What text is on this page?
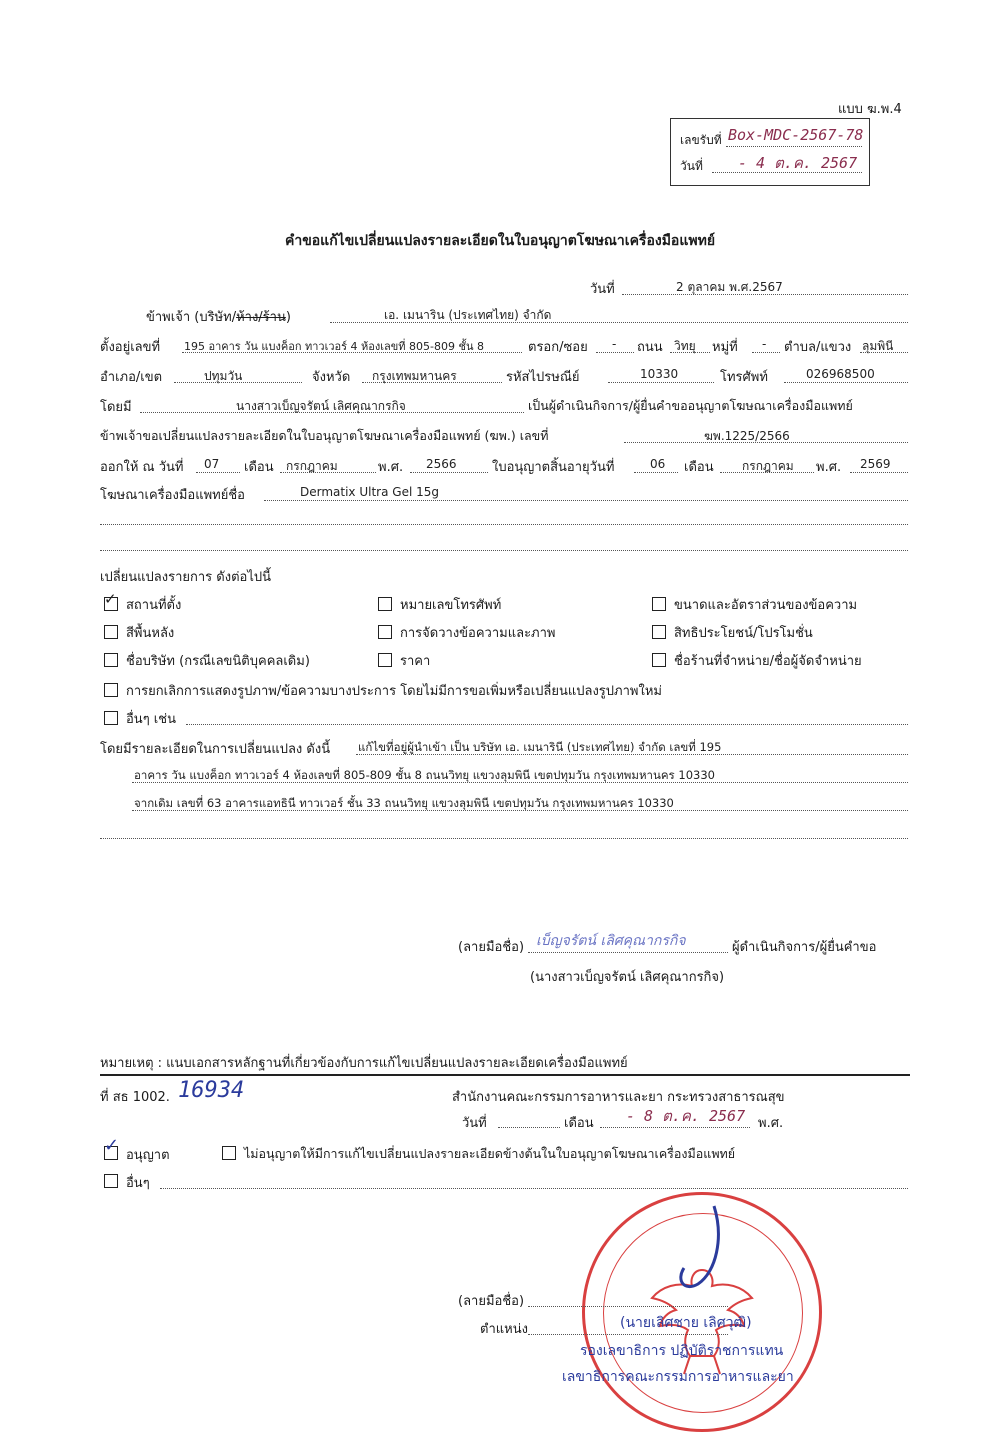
แบบ ฆ.พ.4
เลขรับที่ Box-MDC-2567-78
วันที่ - 4 ต.ค. 2567
คำขอแก้ไขเปลี่ยนแปลงรายละเอียดในใบอนุญาตโฆษณาเครื่องมือแพทย์
วันที่	2 ตุลาคม พ.ศ.2567
ข้าพเจ้า (บริษัท/ห้าง/ร้าน)	เอ. เมนาริน (ประเทศไทย) จำกัด
ตั้งอยู่เลขที่ 195 อาคาร วัน แบงค็อก ทาวเวอร์ 4 ห้องเลขที่ 805-809 ชั้น 8	ตรอก/ซอย - ถนน วิทยุ หมู่ที่ - ตำบล/แขวง ลุมพินี
อำเภอ/เขต	ปทุมวัน	จังหวัด กรุงเทพมหานคร	รหัสไปรษณีย์	10330	โทรศัพท์	026968500
โดยมี	นางสาวเบ็ญจรัตน์ เลิศคุณากรกิจ	เป็นผู้ดำเนินกิจการ/ผู้ยื่นคำขออนุญาตโฆษณาเครื่องมือแพทย์
ข้าพเจ้าขอเปลี่ยนแปลงรายละเอียดในใบอนุญาตโฆษณาเครื่องมือแพทย์ (ฆพ.) เลขที่	ฆพ.1225/2566
ออกให้ ณ วันที่ 07 เดือน กรกฎาคม	พ.ศ. 2566	ใบอนุญาตสิ้นอายุวันที่	06 เดือน กรกฎาคม พ.ศ. 2569
โฆษณาเครื่องมือแพทย์ชื่อ	Dermatix Ultra Gel 15g
เปลี่ยนแปลงรายการ ดังต่อไปนี้
✓ สถานที่ตั้ง	หมายเลขโทรศัพท์	ขนาดและอัตราส่วนของข้อความ
สีพื้นหลัง	การจัดวางข้อความและภาพ	สิทธิประโยชน์/โปรโมชั่น
ชื่อบริษัท (กรณีเลขนิติบุคคลเดิม)	ราคา	ชื่อร้านที่จำหน่าย/ชื่อผู้จัดจำหน่าย
การยกเลิกการแสดงรูปภาพ/ข้อความบางประการ โดยไม่มีการขอเพิ่มหรือเปลี่ยนแปลงรูปภาพใหม่
อื่นๆ เช่น
โดยมีรายละเอียดในการเปลี่ยนแปลง ดังนี้ แก้ไขที่อยู่ผู้นำเข้า เป็น บริษัท เอ. เมนารินี (ประเทศไทย) จำกัด เลขที่ 195
อาคาร วัน แบงค็อก ทาวเวอร์ 4 ห้องเลขที่ 805-809 ชั้น 8 ถนนวิทยุ แขวงลุมพินี เขตปทุมวัน กรุงเทพมหานคร 10330
จากเดิม เลขที่ 63 อาคารแอทธินี ทาวเวอร์ ชั้น 33 ถนนวิทยุ แขวงลุมพินี เขตปทุมวัน กรุงเทพมหานคร 10330
(ลายมือชื่อ) เบ็ญจรัตน์ เลิศคุณากรกิจ	ผู้ดำเนินกิจการ/ผู้ยื่นคำขอ
(นางสาวเบ็ญจรัตน์ เลิศคุณากรกิจ)
หมายเหตุ : แนบเอกสารหลักฐานที่เกี่ยวข้องกับการแก้ไขเปลี่ยนแปลงรายละเอียดเครื่องมือแพทย์
ที่ สธ 1002. 16934	สำนักงานคณะกรรมการอาหารและยา กระทรวงสาธารณสุข
วันที่	เดือน - 8 ต.ค. 2567 พ.ศ.
✓ อนุญาต	ไม่อนุญาตให้มีการแก้ไขเปลี่ยนแปลงรายละเอียดข้างต้นในใบอนุญาตโฆษณาเครื่องมือแพทย์
อื่นๆ
(ลายมือชื่อ)
ตำแหน่ง	(นายเลิศชาย เลิศวุฒิ)
รองเลขาธิการ ปฏิบัติราชการแทน
เลขาธิการคณะกรรมการอาหารและยา
